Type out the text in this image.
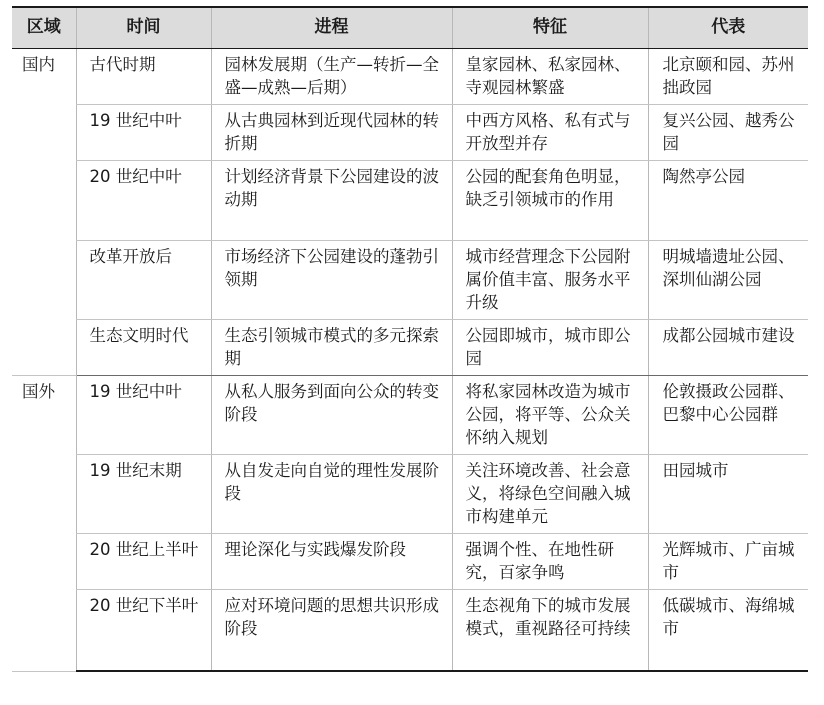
区域	时间	进程	特征	代表
国内	古代时期	园林发展期（生产—转折—全盛—成熟—后期）	皇家园林、私家园林、寺观园林繁盛	北京颐和园、苏州拙政园
	19 世纪中叶	从古典园林到近现代园林的转折期	中西方风格、私有式与开放型并存	复兴公园、越秀公园
	20 世纪中叶	计划经济背景下公园建设的波动期	公园的配套角色明显，缺乏引领城市的作用	陶然亭公园
	改革开放后	市场经济下公园建设的蓬勃引领期	城市经营理念下公园附属价值丰富、服务水平升级	明城墙遗址公园、深圳仙湖公园
	生态文明时代	生态引领城市模式的多元探索期	公园即城市，城市即公园	成都公园城市建设
国外	19 世纪中叶	从私人服务到面向公众的转变阶段	将私家园林改造为城市公园，将平等、公众关怀纳入规划	伦敦摄政公园群、巴黎中心公园群
	19 世纪末期	从自发走向自觉的理性发展阶段	关注环境改善、社会意义，将绿色空间融入城市构建单元	田园城市
	20 世纪上半叶	理论深化与实践爆发阶段	强调个性、在地性研究，百家争鸣	光辉城市、广亩城市
	20 世纪下半叶	应对环境问题的思想共识形成阶段	生态视角下的城市发展模式，重视路径可持续	低碳城市、海绵城市
